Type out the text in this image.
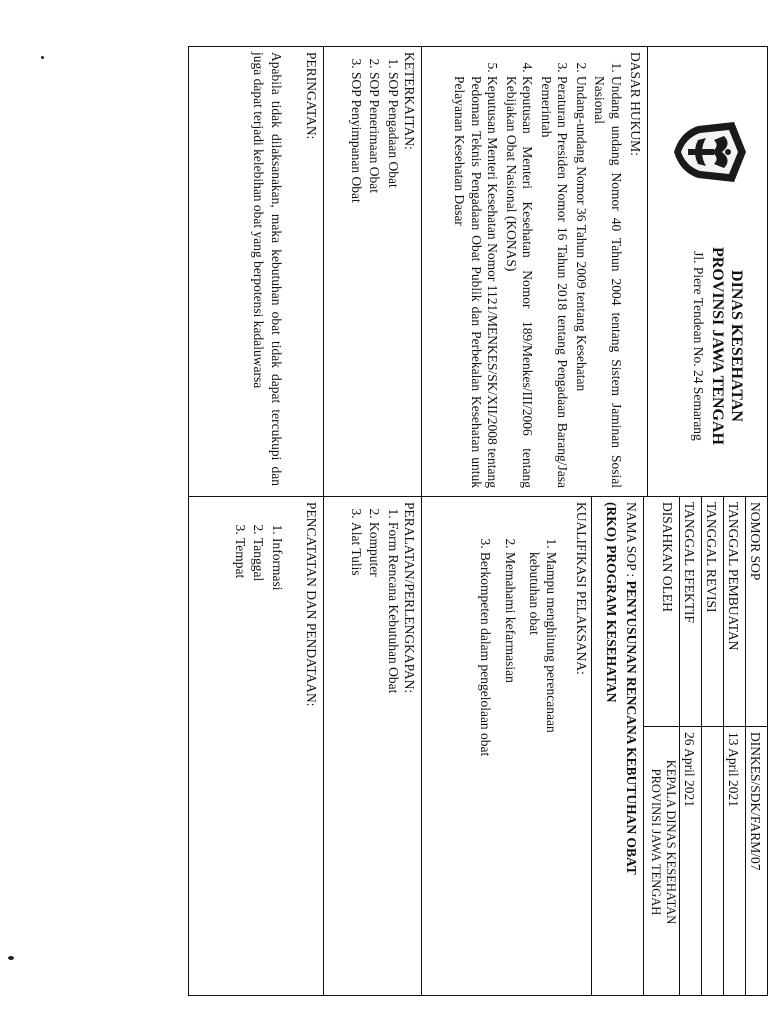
DINAS KESEHATAN
PROVINSI JAWA TENGAH
Jl. Piere Tendean No. 24 Semarang
NOMOR SOP
DINKES/SDK/FARM/07
TANGGAL PEMBUATAN
13 April 2021
TANGGAL REVISI
TANGGAL EFEKTIF
26 April 2021
DISAHKAN OLEH
KEPALA DINAS KESEHATAN PROVINSI JAWA TENGAH
NAMA SOP : PENYUSUNAN RENCANA KEBUTUHAN OBAT
(RKO) PROGRAM KESEHATAN
DASAR HUKUM:
1. Undang undang Nomor 40 Tahun 2004 tentang Sistem Jaminan Sosial Nasional
2. Undang-undang Nomor 36 Tahun 2009 tentang Kesehatan
3. Peraturan Presiden Nomor 16 Tahun 2018 tentang Pengadaan Barang/Jasa Pemerintah
4. Keputusan Menteri Kesehatan Nomor 189/Menkes/III/2006 tentang Kebijakan Obat Nasional (KONAS)
5. Keputusan Menteri Kesehatan Nomor 1121/MENKES/SK/XII/2008 tentang Pedoman Teknis Pengadaan Obat Publik dan Perbekalan Kesehatan untuk Pelayanan Kesehatan Dasar
KUALIFIKASI PELAKSANA:
1. Mampu menghitung perencanaan kebutuhan obat
2. Memahami kefarmasian
3. Berkompeten dalam pengelolaan obat
KETERKAITAN:
1. SOP Pengadaan Obat
2. SOP Penerimaan Obat
3. SOP Penyimpanan Obat
PERALATAN/PERLENGKAPAN:
1. Form Rencana Kebutuhan Obat
2. Komputer
3. Alat Tulis
PERINGATAN:
Apabila tidak dilaksanakan, maka kebutuhan obat tidak dapat tercukupi dan juga dapat terjadi kelebihan obat yang berpotensi kadaluwarsa
PENCATATAN DAN PENDATAAN:
1. Informasi
2. Tanggal
3. Tempat
